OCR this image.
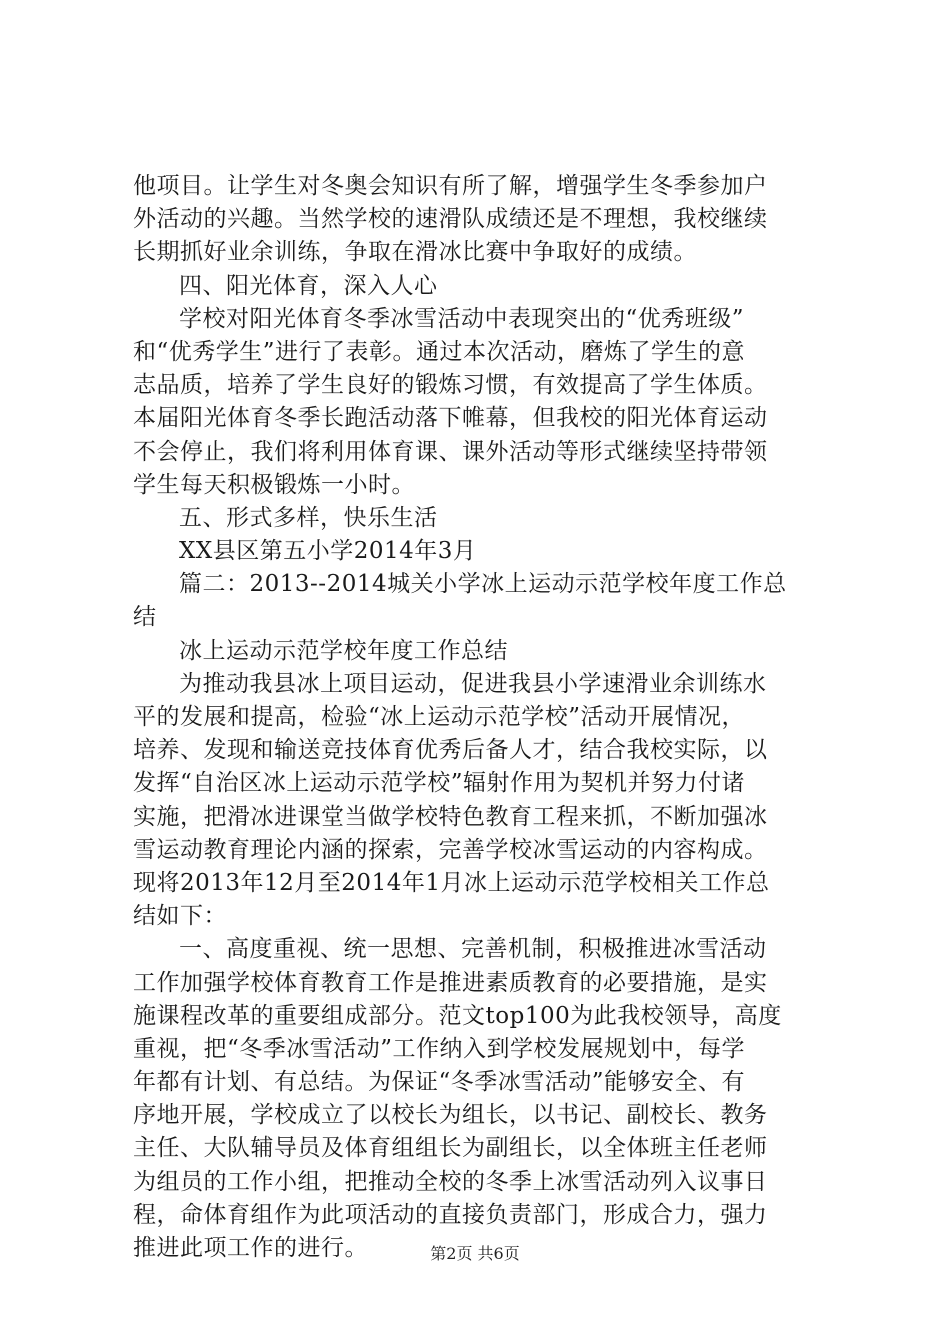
他项目。让学生对冬奥会知识有所了解，增强学生冬季参加户
外活动的兴趣。当然学校的速滑队成绩还是不理想，我校继续
长期抓好业余训练，争取在滑冰比赛中争取好的成绩。
四、阳光体育，深入人心
学校对阳光体育冬季冰雪活动中表现突出的“优秀班级”
和“优秀学生”进行了表彰。通过本次活动，磨炼了学生的意
志品质，培养了学生良好的锻炼习惯，有效提高了学生体质。
本届阳光体育冬季长跑活动落下帷幕，但我校的阳光体育运动
不会停止，我们将利用体育课、课外活动等形式继续坚持带领
学生每天积极锻炼一小时。
五、形式多样，快乐生活
XX县区第五小学2014年3月
篇二：2013--2014城关小学冰上运动示范学校年度工作总
结
冰上运动示范学校年度工作总结
为推动我县冰上项目运动，促进我县小学速滑业余训练水
平的发展和提高，检验“冰上运动示范学校”活动开展情况，
培养、发现和输送竞技体育优秀后备人才，结合我校实际，以
发挥“自治区冰上运动示范学校”辐射作用为契机并努力付诸
实施，把滑冰进课堂当做学校特色教育工程来抓，不断加强冰
雪运动教育理论内涵的探索，完善学校冰雪运动的内容构成。
现将2013年12月至2014年1月冰上运动示范学校相关工作总
结如下：
一、高度重视、统一思想、完善机制，积极推进冰雪活动
工作加强学校体育教育工作是推进素质教育的必要措施，是实
施课程改革的重要组成部分。范文top100为此我校领导，高度
重视，把“冬季冰雪活动”工作纳入到学校发展规划中，每学
年都有计划、有总结。为保证“冬季冰雪活动”能够安全、有
序地开展，学校成立了以校长为组长，以书记、副校长、教务
主任、大队辅导员及体育组组长为副组长，以全体班主任老师
为组员的工作小组，把推动全校的冬季上冰雪活动列入议事日
程，命体育组作为此项活动的直接负责部门，形成合力，强力
推进此项工作的进行。	第2页 共6页
